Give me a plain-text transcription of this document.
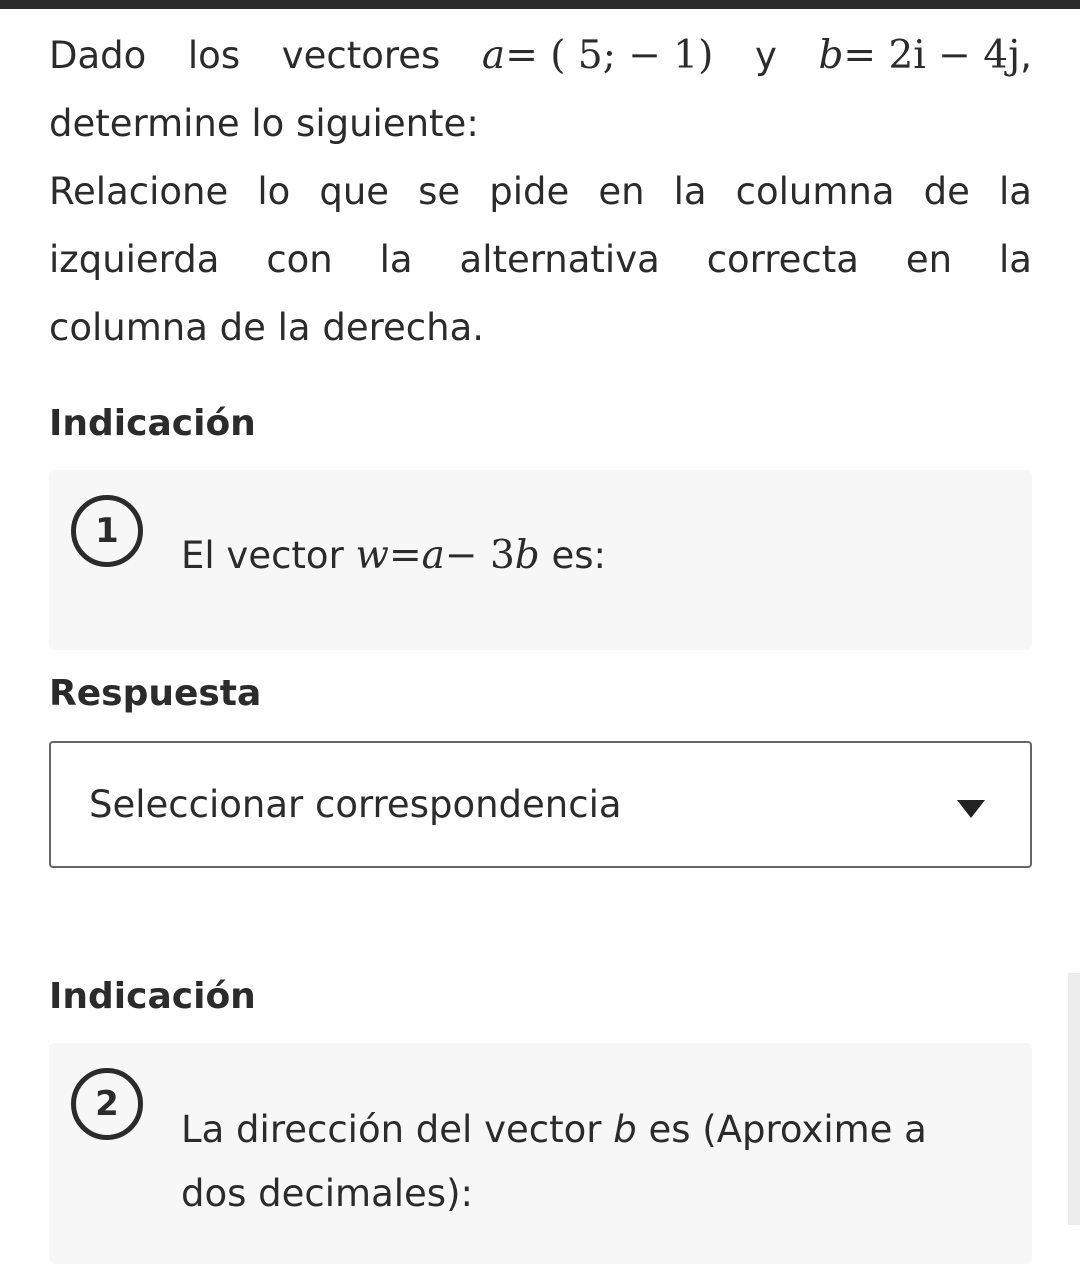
Dado los vectores a= ( 5; − 1) y b= 2i − 4j,
determine lo siguiente:
Relacione lo que se pide en la columna de la
izquierda con la alternativa correcta en la
columna de la derecha.
Indicación
1
El vector w=a− 3b es:
Respuesta
Seleccionar correspondencia
Indicación
2
La dirección del vector b es (Aproxime a
dos decimales):
